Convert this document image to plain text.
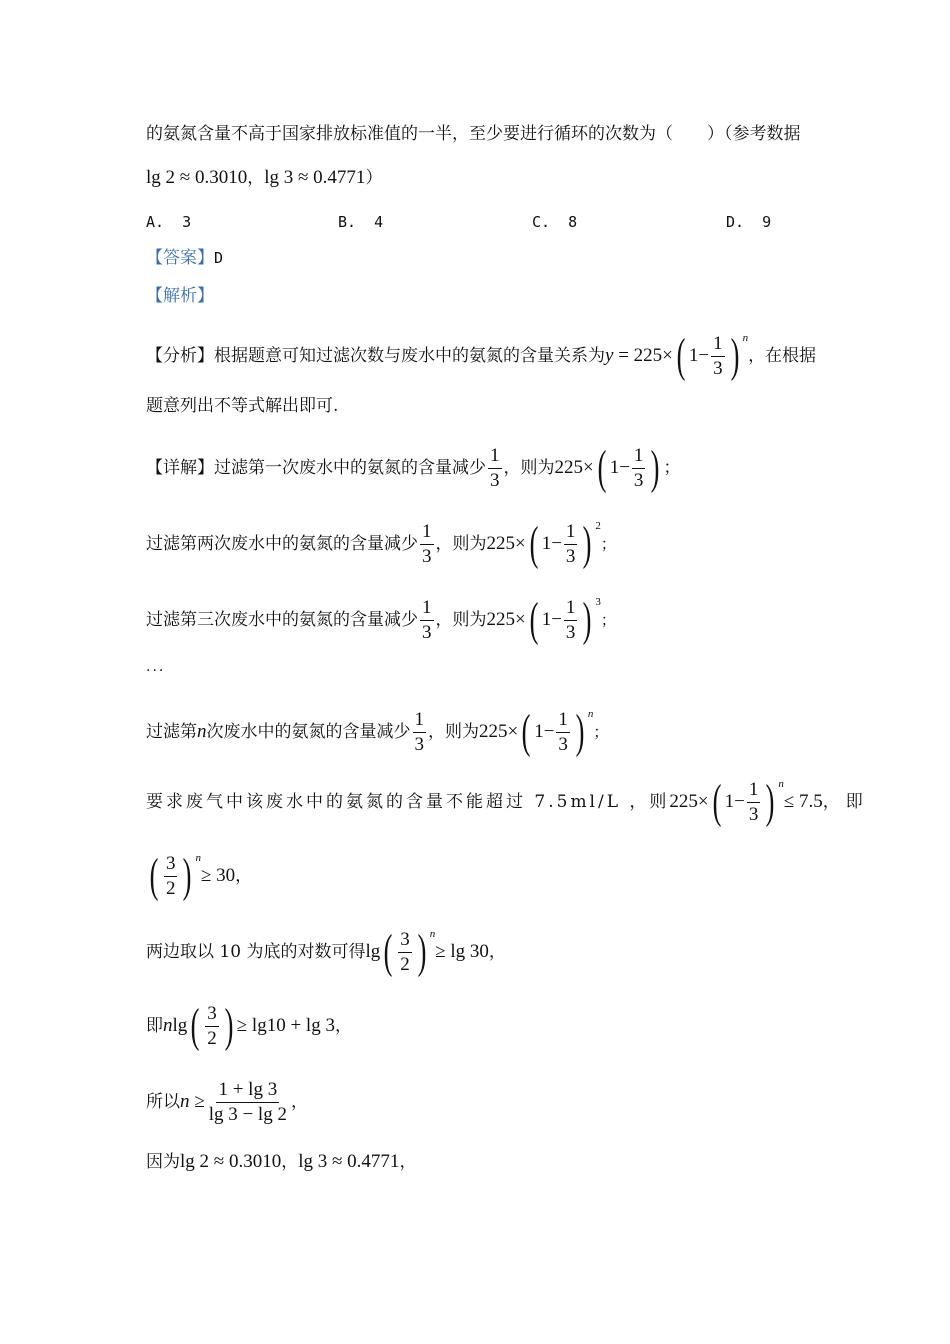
的氨氮含量不高于国家排放标准值的一半，至少要进行循环的次数为（　　）（参考数据
lg 2 ≈ 0.3010，lg 3 ≈ 0.4771）
A. 3	B. 4	C. 8	D. 9
【答案】D
【解析】
【分析】根据题意可知过滤次数与废水中的氨氮的含量关系为y = 225×( $1- \frac{1}{3}$ ) $^n$，在根据
题意列出不等式解出即可.
【详解】过滤第一次废水中的氨氮的含量减少 $\frac{1}{3}$ ，则为225×( $1- \frac{1}{3}$ ) ；
过滤第两次废水中的氨氮的含量减少 $\frac{1}{3}$ ，则为225×( $1- \frac{1}{3}$ ) $^2$；
过滤第三次废水中的氨氮的含量减少 $\frac{1}{3}$ ，则为225×( $1- \frac{1}{3}$ ) $^3$；
...
过滤第n次废水中的氨氮的含量减少 $\frac{1}{3}$ ，则为225×( $1- \frac{1}{3}$ ) $^n$；
要求废气中该废水中的氨氮的含量不能超过 7.5ml/L ，则225×( $1- \frac{1}{3}$ ) $^n$≤ 7.5，即
( $\frac{3}{2}$ ) $^n$≥ 30，
两边取以 10 为底的对数可得$\lg( \frac{3}{2}$ ) $^n$≥ lg 30，
即$nlg( \frac{3}{2}$ ) ≥ lg10 + lg 3，
所以$n \ge \frac{1 + \lg 3}{\lg 3 - \lg 2}$ ，
因为lg 2 ≈ 0.3010，lg 3 ≈ 0.4771，
